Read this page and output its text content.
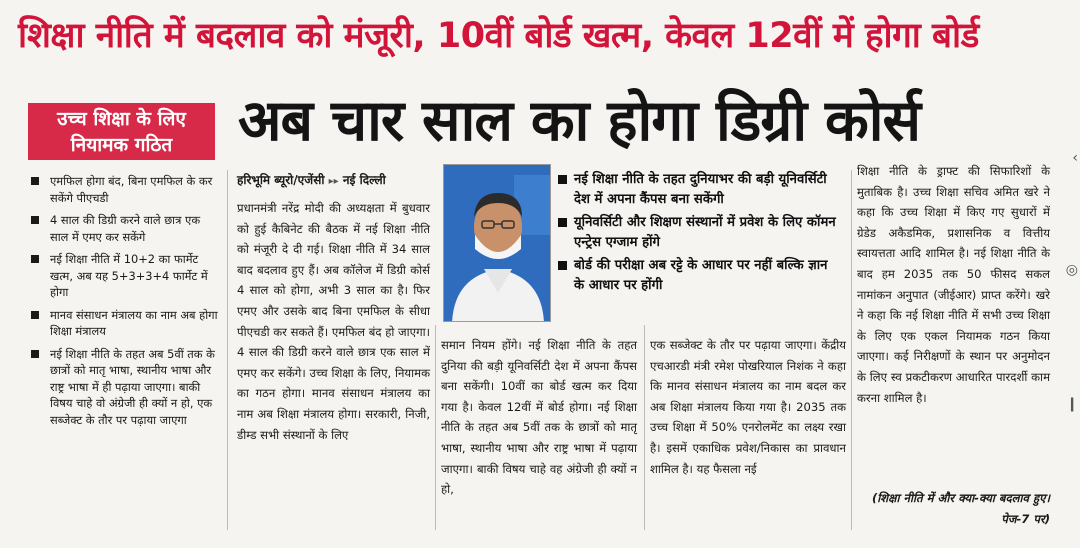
शिक्षा नीति में बदलाव को मंजूरी, 10वीं बोर्ड खत्म, केवल 12वीं में होगा बोर्ड
उच्च शिक्षा के लिए
नियामक गठित	अब चार साल का होगा डिग्री कोर्स
एमफिल होगा बंद, बिना एमफिल के कर सकेंगे पीएचडी
4 साल की डिग्री करने वाले छात्र एक साल में एमए कर सकेंगे
नई शिक्षा नीति में 10+2 का फार्मेट खत्म, अब यह 5+3+3+4 फार्मेट में होगा
मानव संसाधन मंत्रालय का नाम अब होगा शिक्षा मंत्रालय
नई शिक्षा नीति के तहत अब 5वीं तक के छात्रों को मातृ भाषा, स्थानीय भाषा और राष्ट्र भाषा में ही पढ़ाया जाएगा। बाकी विषय चाहे वो अंग्रेजी ही क्यों न हो, एक सब्जेक्ट के तौर पर पढ़ाया जाएगा
हरिभूमि ब्यूरो/एजेंसी ▸▸ नई दिल्ली
प्रधानमंत्री नरेंद्र मोदी की अध्यक्षता में बुधवार को हुई कैबिनेट की बैठक में नई शिक्षा नीति को मंजूरी दे दी गई। शिक्षा नीति में 34 साल बाद बदलाव हुए हैं। अब कॉलेज में डिग्री कोर्स 4 साल को होगा, अभी 3 साल का है। फिर एमए और उसके बाद बिना एमफिल के सीधा पीएचडी कर सकते हैं। एमफिल बंद हो जाएगा। 4 साल की डिग्री करने वाले छात्र एक साल में एमए कर सकेंगे। उच्च शिक्षा के लिए, नियामक का गठन होगा। मानव संसाधन मंत्रालय का नाम अब शिक्षा मंत्रालय होगा। सरकारी, निजी, डीम्ड सभी संस्थानों के लिए
नई शिक्षा नीति के तहत दुनियाभर की बड़ी यूनिवर्सिटी देश में अपना कैंपस बना सकेंगी
यूनिवर्सिटी और शिक्षण संस्थानों में प्रवेश के लिए कॉमन एन्ट्रेस एग्जाम होंगे
बोर्ड की परीक्षा अब रट्टे के आधार पर नहीं बल्कि ज्ञान के आधार पर होंगी
समान नियम होंगे। नई शिक्षा नीति के तहत दुनिया की बड़ी यूनिवर्सिटी देश में अपना कैंपस बना सकेंगी। 10वीं का बोर्ड खत्म कर दिया गया है। केवल 12वीं में बोर्ड होगा। नई शिक्षा नीति के तहत अब 5वीं तक के छात्रों को मातृ भाषा, स्थानीय भाषा और राष्ट्र भाषा में पढ़ाया जाएगा। बाकी विषय चाहे वह अंग्रेजी ही क्यों न हो,
एक सब्जेक्ट के तौर पर पढ़ाया जाएगा। केंद्रीय एचआरडी मंत्री रमेश पोखरियाल निशंक ने कहा कि मानव संसाधन मंत्रालय का नाम बदल कर अब शिक्षा मंत्रालय किया गया है। 2035 तक उच्च शिक्षा में 50% एनरोलमेंट का लक्ष्य रखा है। इसमें एकाधिक प्रवेश/निकास का प्रावधान शामिल है। यह फैसला नई
शिक्षा नीति के ड्राफ्ट की सिफारिशों के मुताबिक है। उच्च शिक्षा सचिव अमित खरे ने कहा कि उच्च शिक्षा में किए गए सुधारों में ग्रेडेड अकैडमिक, प्रशासनिक व वित्तीय स्वायत्तता आदि शामिल है। नई शिक्षा नीति के बाद हम 2035 तक 50 फीसद सकल नामांकन अनुपात (जीईआर) प्राप्त करेंगे। खरे ने कहा कि नई शिक्षा नीति में सभी उच्च शिक्षा के लिए एक एकल नियामक गठन किया जाएगा। कई निरीक्षणों के स्थान पर अनुमोदन के लिए स्व प्रकटीकरण आधारित पारदर्शी काम करना शामिल है।
(शिक्षा नीति में और क्या-क्या बदलाव हुए। पेज-7 पर)
‹
◎
❙
